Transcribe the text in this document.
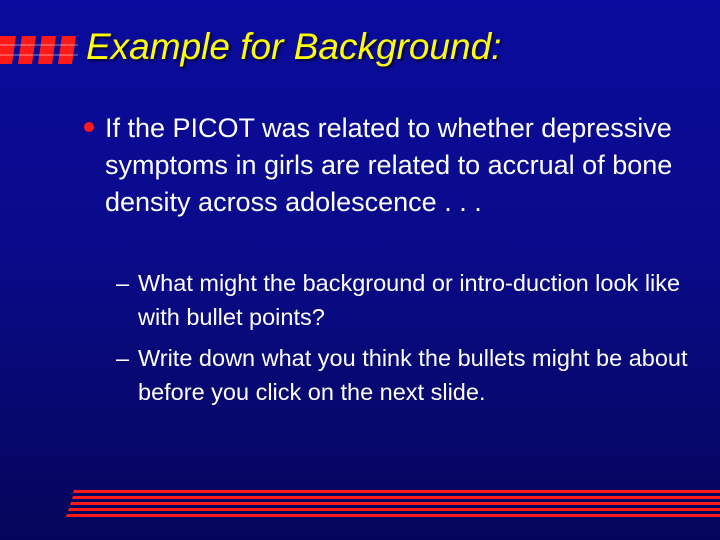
Example for Background:
If the PICOT was related to whether depressive symptoms in girls are related to accrual of bone density across adolescence . . .
– What might the background or intro-duction look like with bullet points?
– Write down what you think the bullets might be about before you click on the next slide.
